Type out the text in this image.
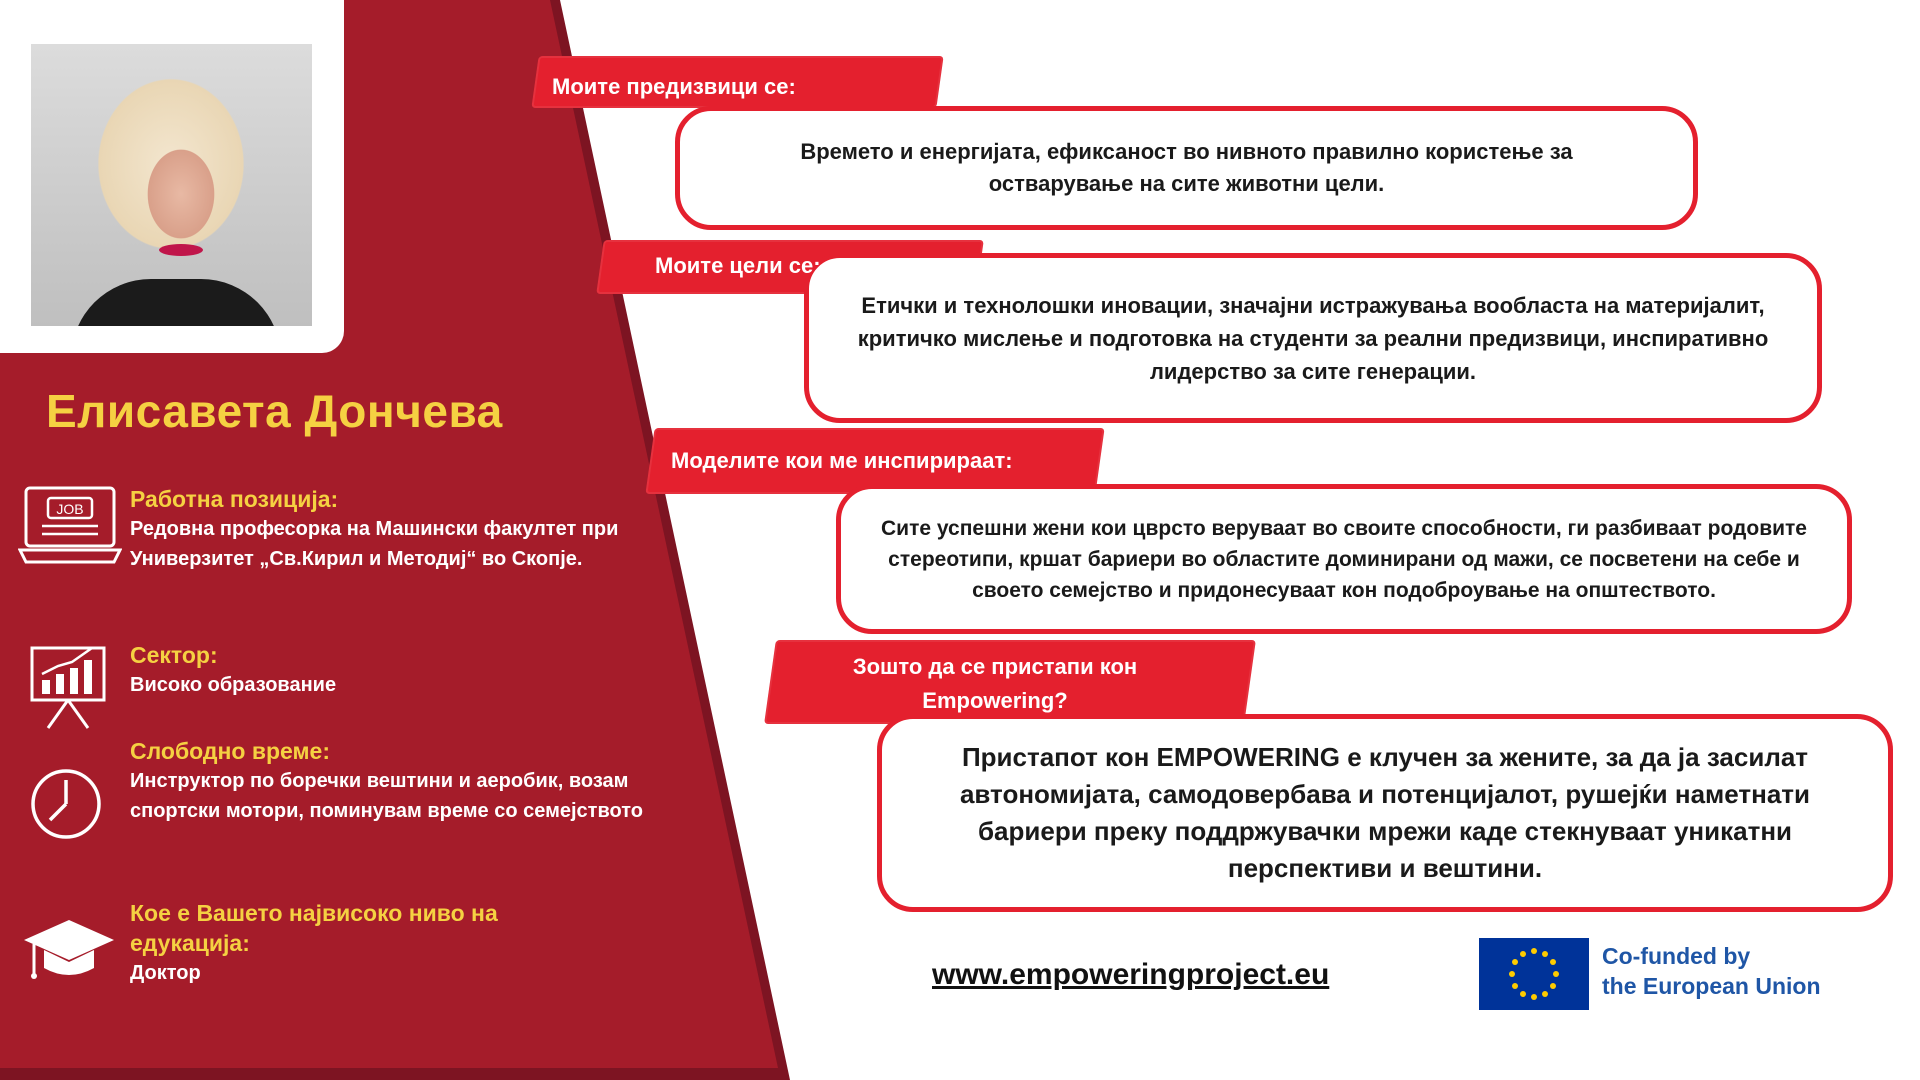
Елисавета Дончева
JOB Работна позиција:
Редовна професорка на Машински факултет при Универзитет „Св.Кирил и Методиј“ во Скопје.
Сектор:
Високо образование
Слободно време:
Инструктор по боречки вештини и аеробик, возам спортски мотори, поминувам време со семејството
Кое е Вашето највисоко ниво на едукација:
Доктор
Времето и енергијата, ефиксаност во нивното правилно користење за остварување на сите животни цели.
Моите предизвици се:
Етички и технолошки иновации, значајни истражувања вообласта на материјалит, критичко мислење и подготовка на студенти за реални предизвици, инспиративно лидерство за сите генерации.
Моите цели се:
Сите успешни жени кои цврсто веруваат во своите способности, ги разбиваат родовите стереотипи, кршат бариери во областите доминирани од мажи, се посветени на себе и своето семејство и придонесуваат кон подоброување на општеството.
Моделите кои ме инспирираат:
Пристапот кон EMPOWERING е клучен за жените, за да ја засилат автономијата, самодовербава и потенцијалот, рушејќи наметнати бариери преку поддржувачки мрежи каде стекнуваат уникатни перспективи и вештини.
Зошто да се пристапи кон Empowering?
www.empoweringproject.eu
Co-funded by
the European Union
